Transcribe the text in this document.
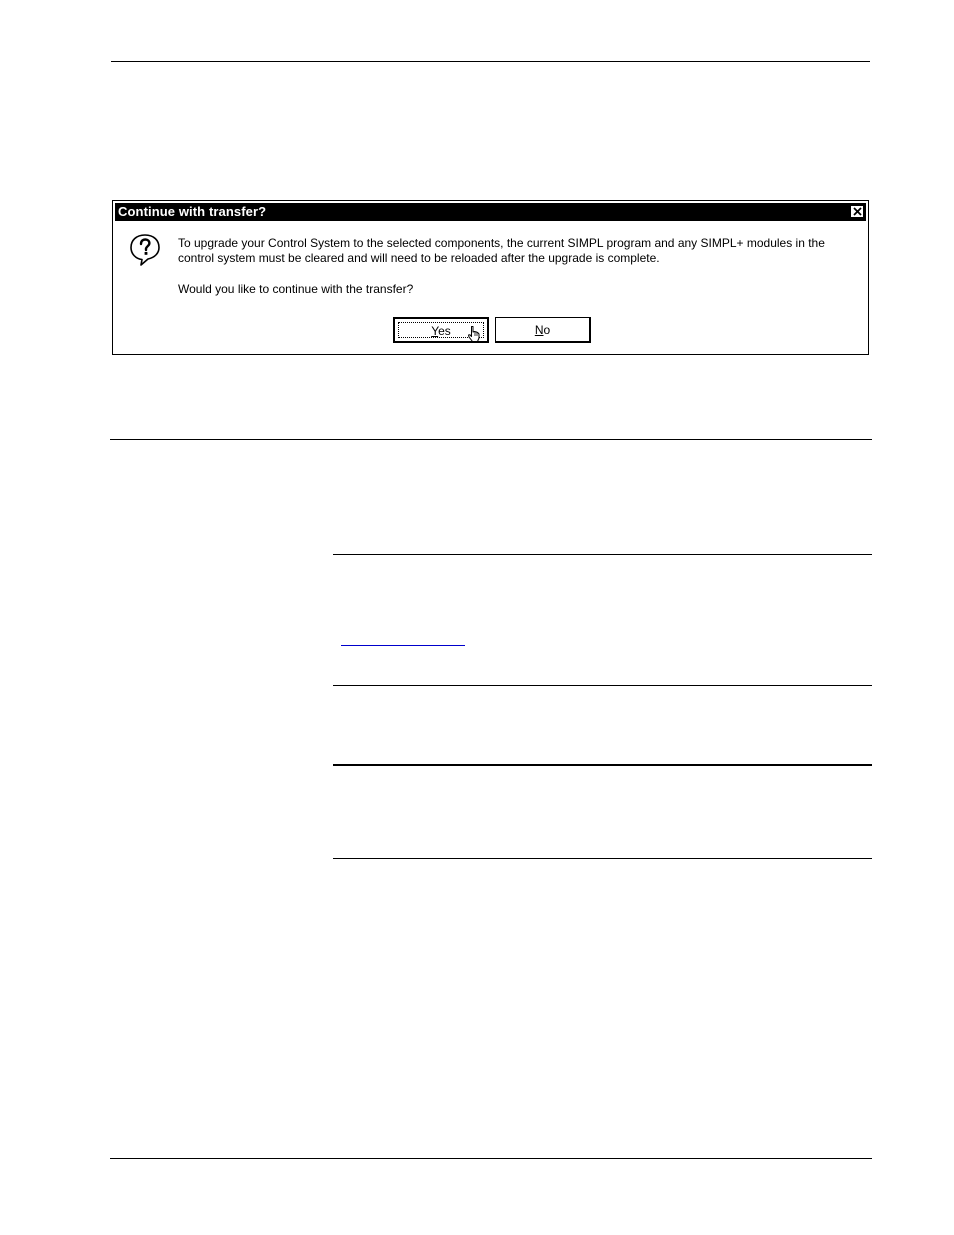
Continue with transfer?
To upgrade your Control System to the selected components, the current SIMPL program and any SIMPL+ modules in the
control system must be cleared and will need to be reloaded after the upgrade is complete.
Would you like to continue with the transfer?
Yes	No
